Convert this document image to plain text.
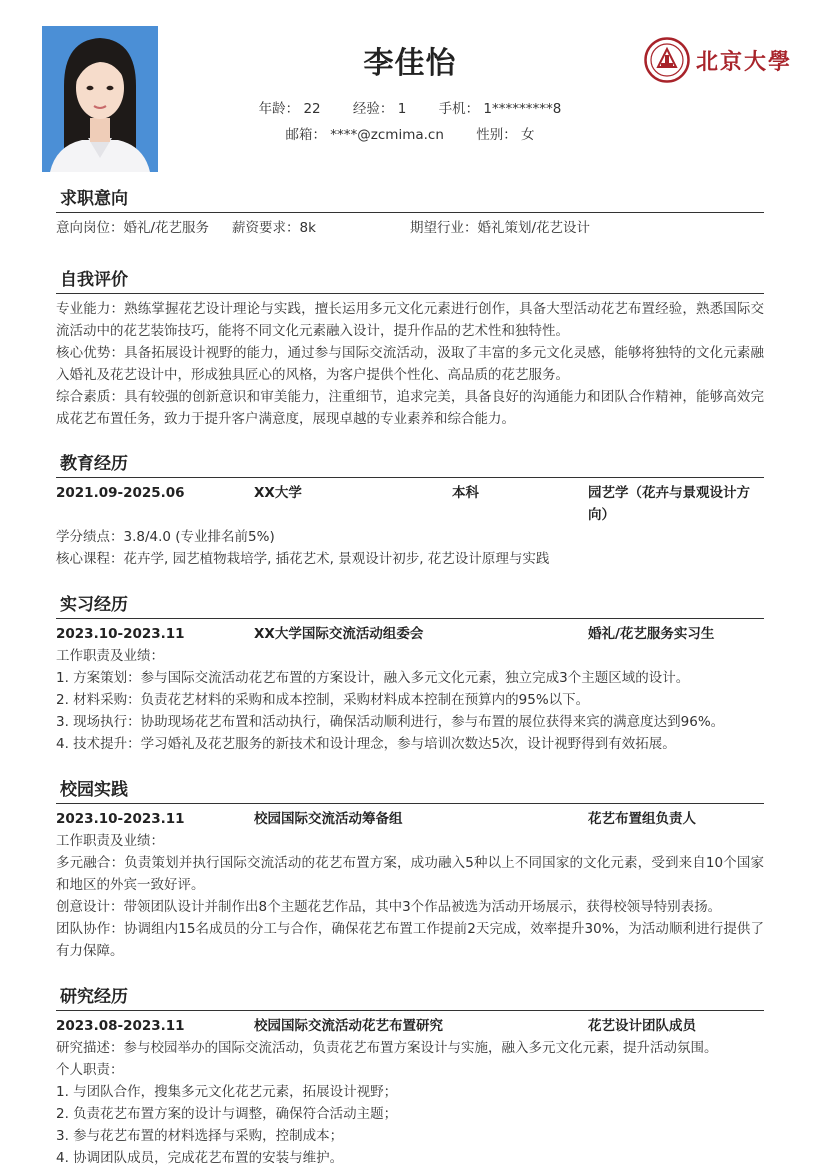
李佳怡
年龄： 22 经验： 1 手机： 1*********8
邮箱： ****@zcmima.cn 性别： 女
北京大學
求职意向
意向岗位：婚礼/花艺服务	薪资要求：8k	期望行业：婚礼策划/花艺设计
自我评价
专业能力：熟练掌握花艺设计理论与实践，擅长运用多元文化元素进行创作，具备大型活动花艺布置经验，熟悉国际交流活动中的花艺装饰技巧，能将不同文化元素融入设计，提升作品的艺术性和独特性。
核心优势：具备拓展设计视野的能力，通过参与国际交流活动，汲取了丰富的多元文化灵感，能够将独特的文化元素融入婚礼及花艺设计中，形成独具匠心的风格，为客户提供个性化、高品质的花艺服务。
综合素质：具有较强的创新意识和审美能力，注重细节，追求完美，具备良好的沟通能力和团队合作精神，能够高效完成花艺布置任务，致力于提升客户满意度，展现卓越的专业素养和综合能力。
教育经历
2021.09-2025.06	XX大学	本科	园艺学（花卉与景观设计方向）
学分绩点：3.8/4.0 (专业排名前5%)
核心课程：花卉学, 园艺植物栽培学, 插花艺术, 景观设计初步, 花艺设计原理与实践
实习经历
2023.10-2023.11	XX大学国际交流活动组委会	婚礼/花艺服务实习生
工作职责及业绩：
1. 方案策划：参与国际交流活动花艺布置的方案设计，融入多元文化元素，独立完成3个主题区域的设计。
2. 材料采购：负责花艺材料的采购和成本控制，采购材料成本控制在预算内的95%以下。
3. 现场执行：协助现场花艺布置和活动执行，确保活动顺利进行，参与布置的展位获得来宾的满意度达到96%。
4. 技术提升：学习婚礼及花艺服务的新技术和设计理念，参与培训次数达5次，设计视野得到有效拓展。
校园实践
2023.10-2023.11	校园国际交流活动筹备组	花艺布置组负责人
工作职责及业绩：
多元融合：负责策划并执行国际交流活动的花艺布置方案，成功融入5种以上不同国家的文化元素，受到来自10个国家和地区的外宾一致好评。
创意设计：带领团队设计并制作出8个主题花艺作品，其中3个作品被选为活动开场展示，获得校领导特别表扬。
团队协作：协调组内15名成员的分工与合作，确保花艺布置工作提前2天完成，效率提升30%，为活动顺利进行提供了有力保障。
研究经历
2023.08-2023.11	校园国际交流活动花艺布置研究	花艺设计团队成员
研究描述：参与校园举办的国际交流活动，负责花艺布置方案设计与实施，融入多元文化元素，提升活动氛围。
个人职责：
1. 与团队合作，搜集多元文化花艺元素，拓展设计视野；
2. 负责花艺布置方案的设计与调整，确保符合活动主题；
3. 参与花艺布置的材料选择与采购，控制成本；
4. 协调团队成员，完成花艺布置的安装与维护。
